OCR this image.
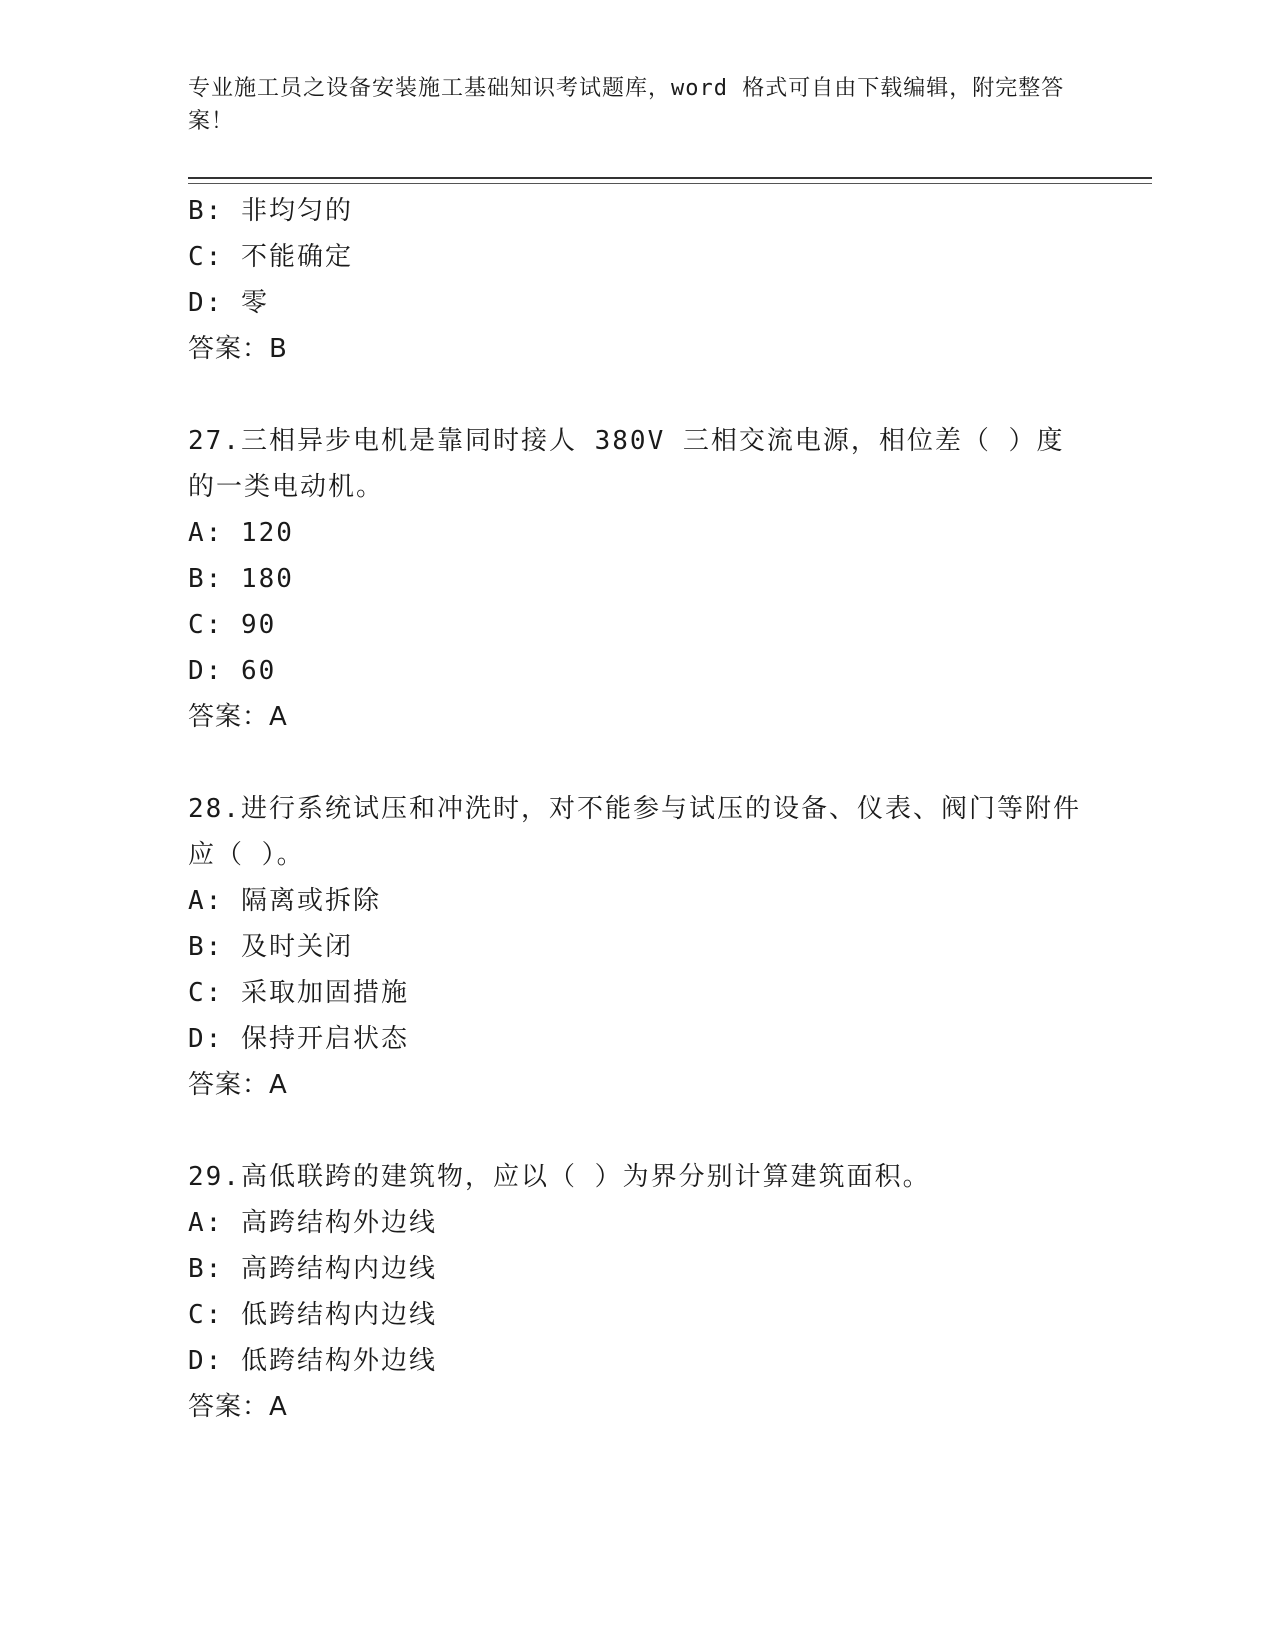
专业施工员之设备安装施工基础知识考试题库，word 格式可自由下载编辑，附完整答案！
B: 非均匀的
C: 不能确定
D: 零
答案：B
27.三相异步电机是靠同时接人 380V 三相交流电源，相位差（ ）度的一类电动机。
A: 120
B: 180
C: 90
D: 60
答案：A
28.进行系统试压和冲洗时，对不能参与试压的设备、仪表、阀门等附件应（ ）。
A: 隔离或拆除
B: 及时关闭
C: 采取加固措施
D: 保持开启状态
答案：A
29.高低联跨的建筑物，应以（ ）为界分别计算建筑面积。
A: 高跨结构外边线
B: 高跨结构内边线
C: 低跨结构内边线
D: 低跨结构外边线
答案：A
